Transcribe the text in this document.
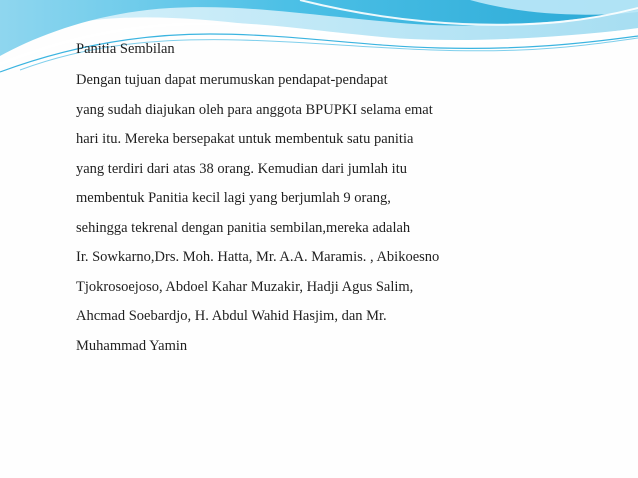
Panitia Sembilan
Dengan tujuan dapat merumuskan pendapat-pendapat
yang sudah diajukan oleh para anggota BPUPKI selama emat
hari itu. Mereka bersepakat untuk membentuk satu panitia
yang terdiri dari atas 38 orang. Kemudian dari jumlah itu
membentuk Panitia kecil lagi yang berjumlah 9 orang,
sehingga tekrenal dengan panitia sembilan,mereka adalah
Ir. Sowkarno,Drs. Moh. Hatta, Mr. A.A. Maramis. , Abikoesno
Tjokrosoejoso, Abdoel Kahar Muzakir, Hadji Agus Salim,
Ahcmad Soebardjo, H. Abdul Wahid Hasjim, dan Mr.
Muhammad Yamin
